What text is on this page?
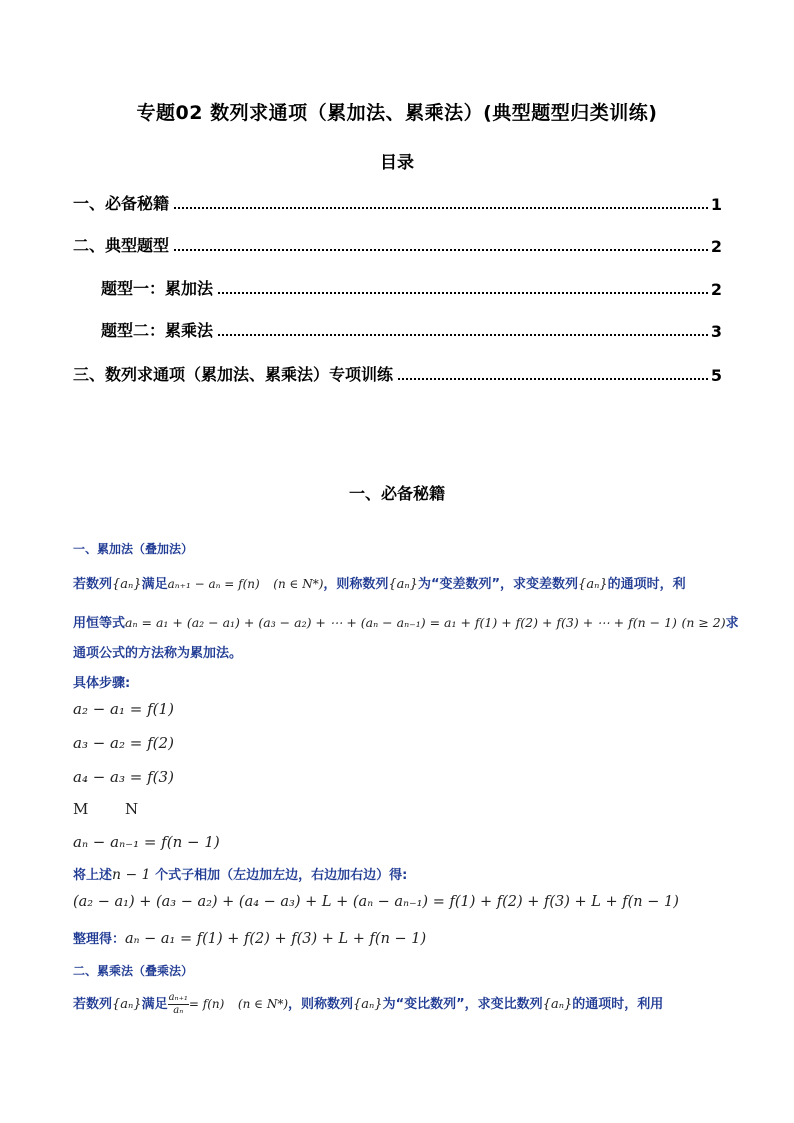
专题02 数列求通项（累加法、累乘法）(典型题型归类训练)
目录
一、必备秘籍	1
二、典型题型	2
题型一：累加法	2
题型二：累乘法	3
三、数列求通项（累加法、累乘法）专项训练	5
一、必备秘籍
一、累加法（叠加法）
若数列{aₙ}满足aₙ₊₁ − aₙ = f(n) (n ∈ N*)，则称数列{aₙ}为“变差数列”，求变差数列{aₙ}的通项时，利
用恒等式aₙ = a₁ + (a₂ − a₁) + (a₃ − a₂) + ⋯ + (aₙ − aₙ₋₁) = a₁ + f(1) + f(2) + f(3) + ⋯ + f(n − 1) (n ≥ 2)求
通项公式的方法称为累加法。
具体步骤:
a₂ − a₁ = f(1)
a₃ − a₂ = f(2)
a₄ − a₃ = f(3)
M N
aₙ − aₙ₋₁ = f(n − 1)
将上述n − 1 个式子相加（左边加左边，右边加右边）得:
(a₂ − a₁) + (a₃ − a₂) + (a₄ − a₃) + L + (aₙ − aₙ₋₁) = f(1) + f(2) + f(3) + L + f(n − 1)
整理得：aₙ − a₁ = f(1) + f(2) + f(3) + L + f(n − 1)
二、累乘法（叠乘法）
若数列{aₙ}满足 $\frac{\text{aₙ₊₁}}{\text{aₙ}} = f(n)$ (n ∈ N*)，则称数列{aₙ}为“变比数列”，求变比数列{aₙ}的通项时，利用
